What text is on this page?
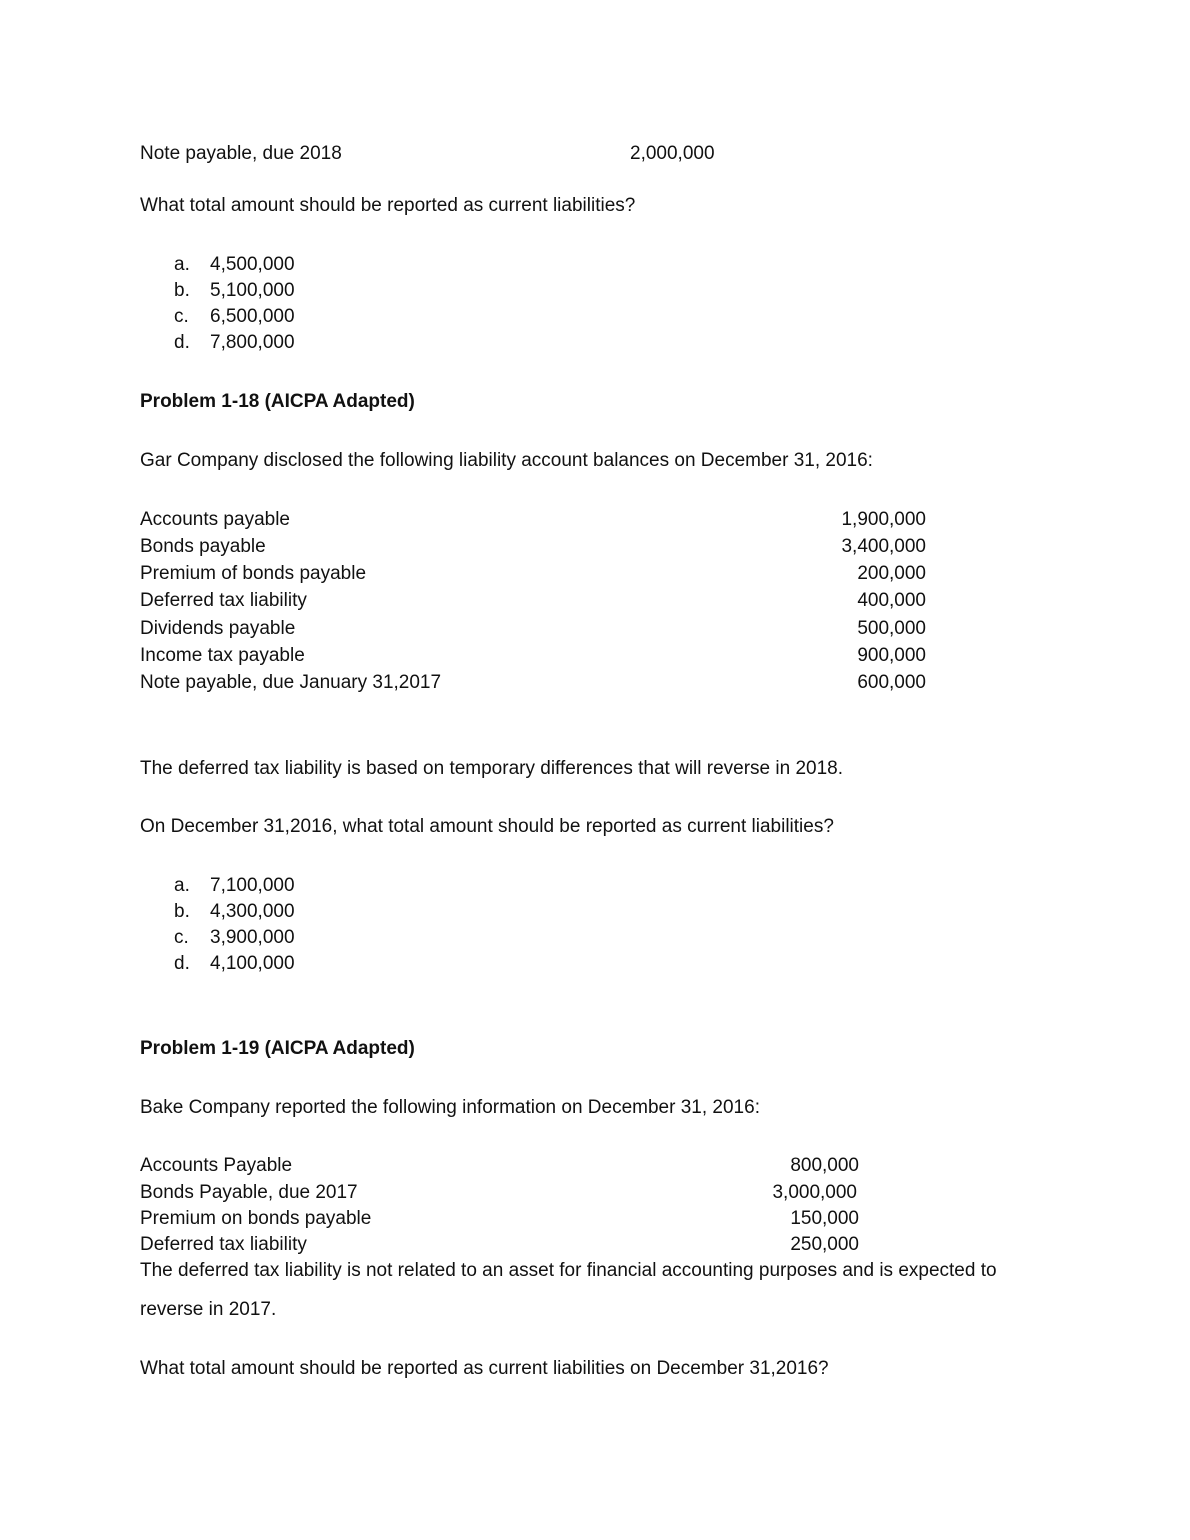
Note payable, due 2018	2,000,000
What total amount should be reported as current liabilities?
a. 4,500,000
b. 5,100,000
c. 6,500,000
d. 7,800,000
Problem 1-18 (AICPA Adapted)
Gar Company disclosed the following liability account balances on December 31, 2016:
Accounts payable	1,900,000
Bonds payable	3,400,000
Premium of bonds payable	200,000
Deferred tax liability	400,000
Dividends payable	500,000
Income tax payable	900,000
Note payable, due January 31,2017	600,000
The deferred tax liability is based on temporary differences that will reverse in 2018.
On December 31,2016, what total amount should be reported as current liabilities?
a. 7,100,000
b. 4,300,000
c. 3,900,000
d. 4,100,000
Problem 1-19 (AICPA Adapted)
Bake Company reported the following information on December 31, 2016:
Accounts Payable	800,000
Bonds Payable, due 2017	3,000,000
Premium on bonds payable	150,000
Deferred tax liability	250,000
The deferred tax liability is not related to an asset for financial accounting purposes and is expected to
reverse in 2017.
What total amount should be reported as current liabilities on December 31,2016?
